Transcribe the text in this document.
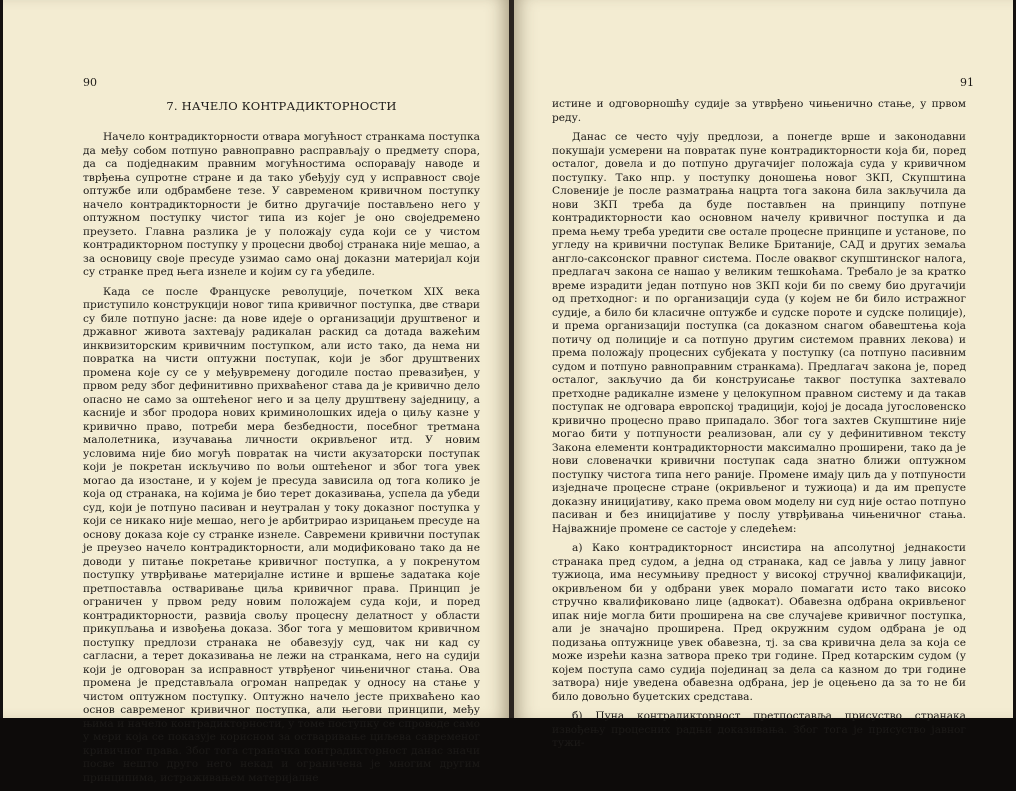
90
7. НАЧЕЛО КОНТРАДИКТОРНОСТИ

Начело контрадикторности отвара могућност странкама поступка да међу собом потпуно равноправно расправљају о предмету спора, да са подједнаким правним могућностима оспоравају наводе и тврђења супротне стране и да тако убеђују суд у исправност своје оптужбе или одбрамбене тезе. У савременом кривичном поступку начело контрадикторности је битно другачије постављено него у оптужном поступку чистог типа из којег је оно своједремено преузето. Главна разлика је у положају суда који се у чистом контрадикторном поступку у процесни двобој странака није мешао, а за основицу своје пресуде узимао само онај доказни материјал који су странке пред њега изнеле и којим су га убедиле.

Када се после Француске револуције, почетком XIX века приступило конструкцији новог типа кривичног поступка, две ствари су биле потпуно јасне: да нове идеје о организацији друштвеног и државног живота захтевају радикалан раскид са дотада важећим инквизиторским кривичним поступком, али исто тако, да нема ни повратка на чисти оптужни поступак, који је због друштвених промена које су се у међувремену догодиле постао превазиђен, у првом реду због дефинитивно прихваћеног става да је кривично дело опасно не само за оштећеног него и за целу друштвену заједницу, а касније и због продора нових криминолошких идеја о циљу казне у кривично право, потреби мера безбедности, посебног третмана малолетника, изучавања личности окривљеног итд. У новим условима није био могућ повратак на чисти акузаторски поступак који је покретан искључиво по вољи оштећеног и због тога увек могао да изостане, и у којем је пресуда зависила од тога колико је која од странака, на којима је био терет доказивања, успела да убеди суд, који је потпуно пасиван и неутралан у току доказног поступка у који се никако није мешао, него је арбитрирао изрицањем пресуде на основу доказа које су странке изнеле. Савремени кривични поступак је преузео начело контрадикторности, али модификовано тако да не доводи у питање покретање кривичног поступка, а у покренутом поступку утврђивање материјалне истине и вршење задатака које претпоставља остваривање циља кривичног права. Принцип је ограничен у првом реду новим положајем суда који, и поред контрадикторности, развија свољу процесну делатност у области прикупљања и извођења доказа. Због тога у мешовитом кривичном поступку предлози странака не обавезују суд, чак ни кад су сагласни, а терет доказивања не лежи на странкама, него на судији који је одговоран за исправност утврђеног чињеничног стања. Ова промена је представљала огроман напредак у односу на стање у чистом оптужном поступку. Оптужно начело јесте прихваћено као основ савременог кривичног поступка, али његови принципи, међу њима и начело контрадикторности, у томе поступку се спроводе само у мери која се показује корисном за остваривање циљева савременог кривичног права. Због тога страначка контрадикторност данас значи посве нешто друго него некад и ограничена је многим другим принципима, истраживањем материјалне

91

истине и одговорношћу судије за утврђено чињенично стање, у првом реду.

Данас се често чују предлози, а понегде врше и законодавни покушаји усмерени на повратак пуне контрадикторности која би, поред осталог, довела и до потпуно другачијег положаја суда у кривичном поступку. Тако нпр. у поступку доношења новог ЗКП, Скупштина Словеније је после разматрања нацрта тога закона била закључила да нови ЗКП треба да буде постављен на принципу потпуне контрадикторности као основном начелу кривичног поступка и да према њему треба уредити све остале процесне принципе и установе, по угледу на кривични поступак Велике Британије, САД и других земаља англо-саксонског правног система. После оваквог скупштинског налога, предлагач закона се нашао у великим тешкоћама. Требало је за кратко време израдити један потпуно нов ЗКП који би по свему био другачији од претходног: и по организацији суда (у којем не би било истражног судије, а било би класичне оптужбе и судске пороте и судске полиције), и према организацији поступка (са доказном снагом обавештења која потичу од полиције и са потпуно другим системом правних лекова) и према положају процесних субјеката у поступку (са потпуно пасивним судом и потпуно равноправним странкама). Предлагач закона је, поред осталог, закључио да би конструисање таквог поступка захтевало претходне радикалне измене у целокупном правном систему и да такав поступак не одговара европској традицији, којој је досада југословенско кривично процесно право припадало. Због тога захтев Скупштине није могао бити у потпуности реализован, али су у дефинитивном тексту Закона елементи контрадикторности максимално проширени, тако да је нови словеначки кривични поступак сада знатно ближи оптужном поступку чистога типа него раније. Промене имају циљ да у потпуности изједначе процесне стране (окривљеног и тужиоца) и да им препусте доказну иницијативу, како према овом моделу ни суд није остао потпуно пасиван и без иницијативе у послу утврђивања чињеничног стања. Најважније промене се састоје у следећем:

а) Како контрадикторност инсистира на апсолутној једнакости странака пред судом, а једна од странака, кад се јавља у лицу јавног тужиоца, има несумњиву предност у високој стручној квалификацији, окривљеном би у одбрани увек морало помагати исто тако високо стручно квалификовано лице (адвокат). Обавезна одбрана окривљеног ипак није могла бити проширена на све случајеве кривичног поступка, али је значајно проширена. Пред окружним судом одбрана је од подизања оптужнице увек обавезна, тј. за сва кривична дела за која се може изрећи казна затвора преко три године. Пред котарским судом (у којем поступа само судија појединац за дела са казном до три године затвора) није уведена обавезна одбрана, јер је оцењено да за то не би било довољно буџетских средстава.

б) Пуна контрадикторност претпоставља присуство странака извођењу процесних радњи доказивања. Због тога је присуство јавног тужи-
